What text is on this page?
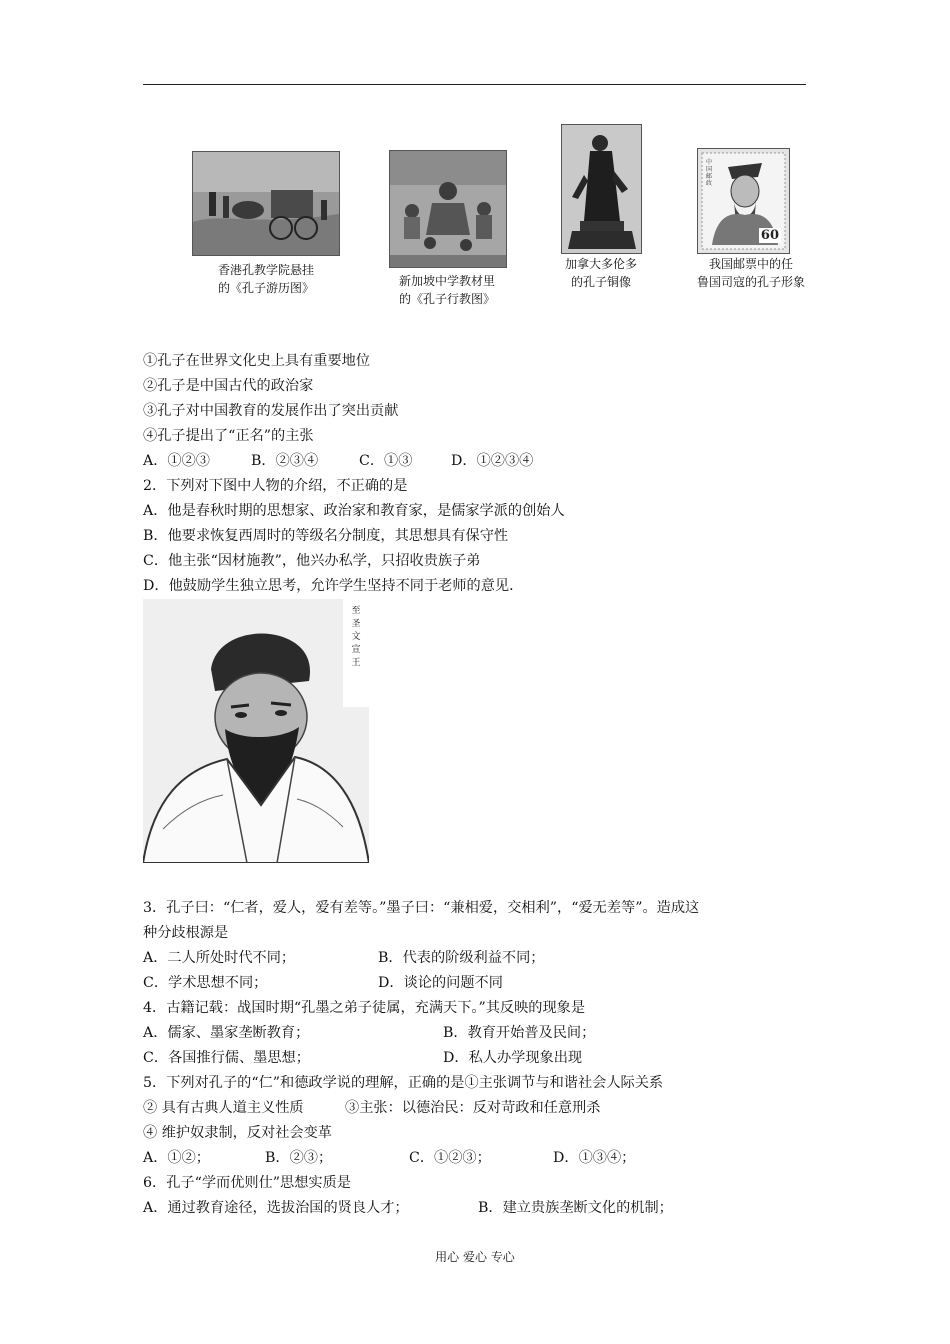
香港孔教学院悬挂
的《孔子游历图》	新加坡中学教材里
的《孔子行教图》
加拿大多伦多
的孔子铜像
中
国
邮
政
60
我国邮票中的任
鲁国司寇的孔子形象
①孔子在世界文化史上具有重要地位
②孔子是中国古代的政治家
③孔子对中国教育的发展作出了突出贡献
④孔子提出了“正名”的主张
A．①②③	B．②③④	C．①③	D．①②③④
2．下列对下图中人物的介绍，不正确的是
A．他是春秋时期的思想家、政治家和教育家，是儒家学派的创始人
B．他要求恢复西周时的等级名分制度，其思想具有保守性
C．他主张“因材施教”，他兴办私学，只招收贵族子弟
D．他鼓励学生独立思考，允许学生坚持不同于老师的意见．
至
圣
文
宣
王
3．孔子曰：“仁者，爱人，爱有差等。”墨子曰：“兼相爱，交相利”，“爱无差等”。造成这
种分歧根源是
A．二人所处时代不同；	B．代表的阶级利益不同；
C．学术思想不同；	D．谈论的问题不同
4．古籍记载：战国时期“孔墨之弟子徒属，充满天下。”其反映的现象是
A．儒家、墨家垄断教育；	B．教育开始普及民间；
C．各国推行儒、墨思想；	D．私人办学现象出现
5．下列对孔子的“仁”和德政学说的理解，正确的是①主张调节与和谐社会人际关系
② 具有古典人道主义性质	③主张：以德治民：反对苛政和任意刑杀
④ 维护奴隶制，反对社会变革
A．①②；	B．②③；	C．①②③；	D．①③④；
6．孔子“学而优则仕”思想实质是
A．通过教育途径，选拔治国的贤良人才；	B．建立贵族垄断文化的机制；
用心 爱心 专心
